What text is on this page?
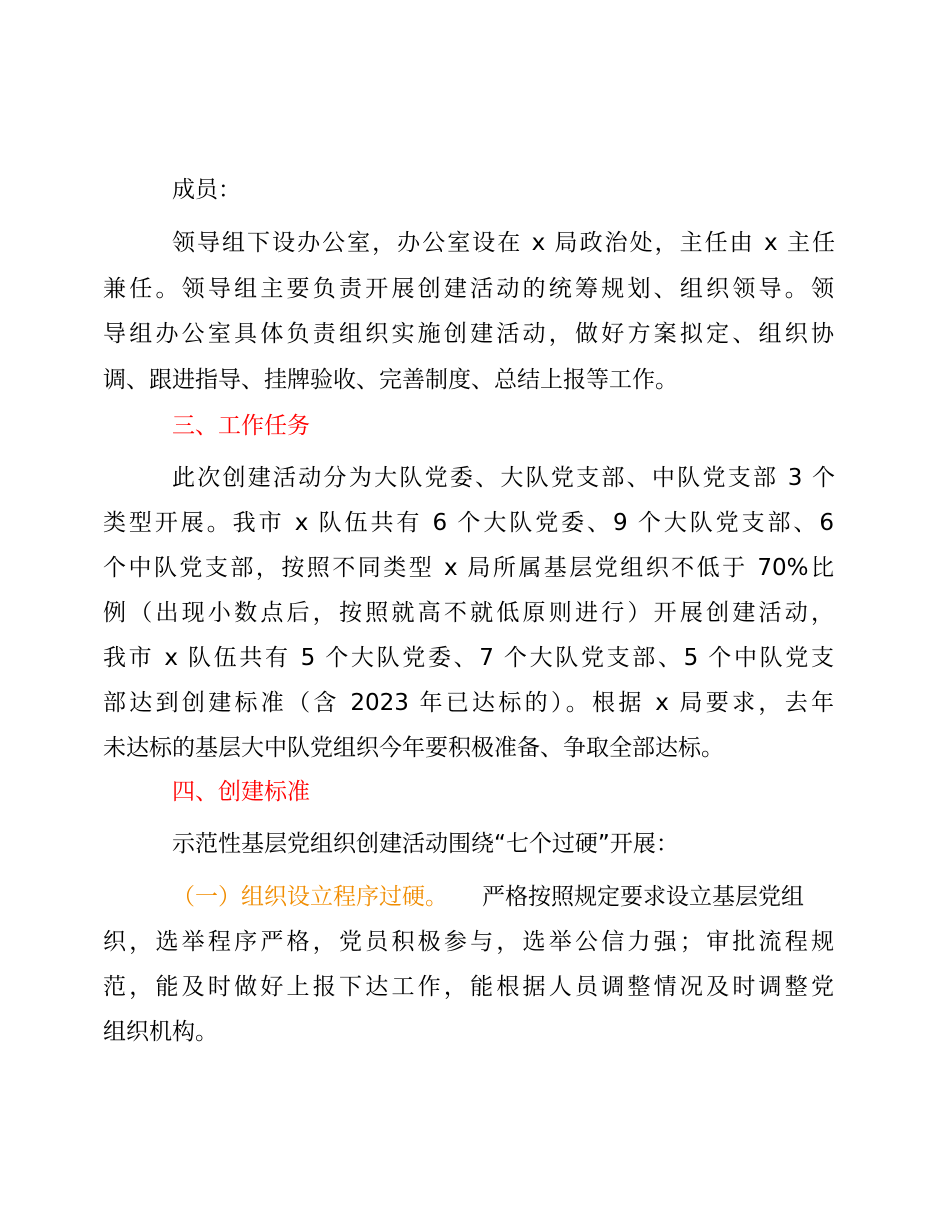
成员：
领导组下设办公室，办公室设在 x 局政治处，主任由 x 主任
兼任。领导组主要负责开展创建活动的统筹规划、组织领导。领
导组办公室具体负责组织实施创建活动，做好方案拟定、组织协
调、跟进指导、挂牌验收、完善制度、总结上报等工作。
三、工作任务
此次创建活动分为大队党委、大队党支部、中队党支部 3 个
类型开展。我市 x 队伍共有 6 个大队党委、9 个大队党支部、6
个中队党支部，按照不同类型 x 局所属基层党组织不低于 70%比
例（出现小数点后，按照就高不就低原则进行）开展创建活动，
我市 x 队伍共有 5 个大队党委、7 个大队党支部、5 个中队党支
部达到创建标准（含 2023 年已达标的）。根据 x 局要求，去年
未达标的基层大中队党组织今年要积极准备、争取全部达标。
四、创建标准
示范性基层党组织创建活动围绕“七个过硬”开展：
（一）组织设立程序过硬。 严格按照规定要求设立基层党组
织，选举程序严格，党员积极参与，选举公信力强；审批流程规
范，能及时做好上报下达工作，能根据人员调整情况及时调整党
组织机构。
